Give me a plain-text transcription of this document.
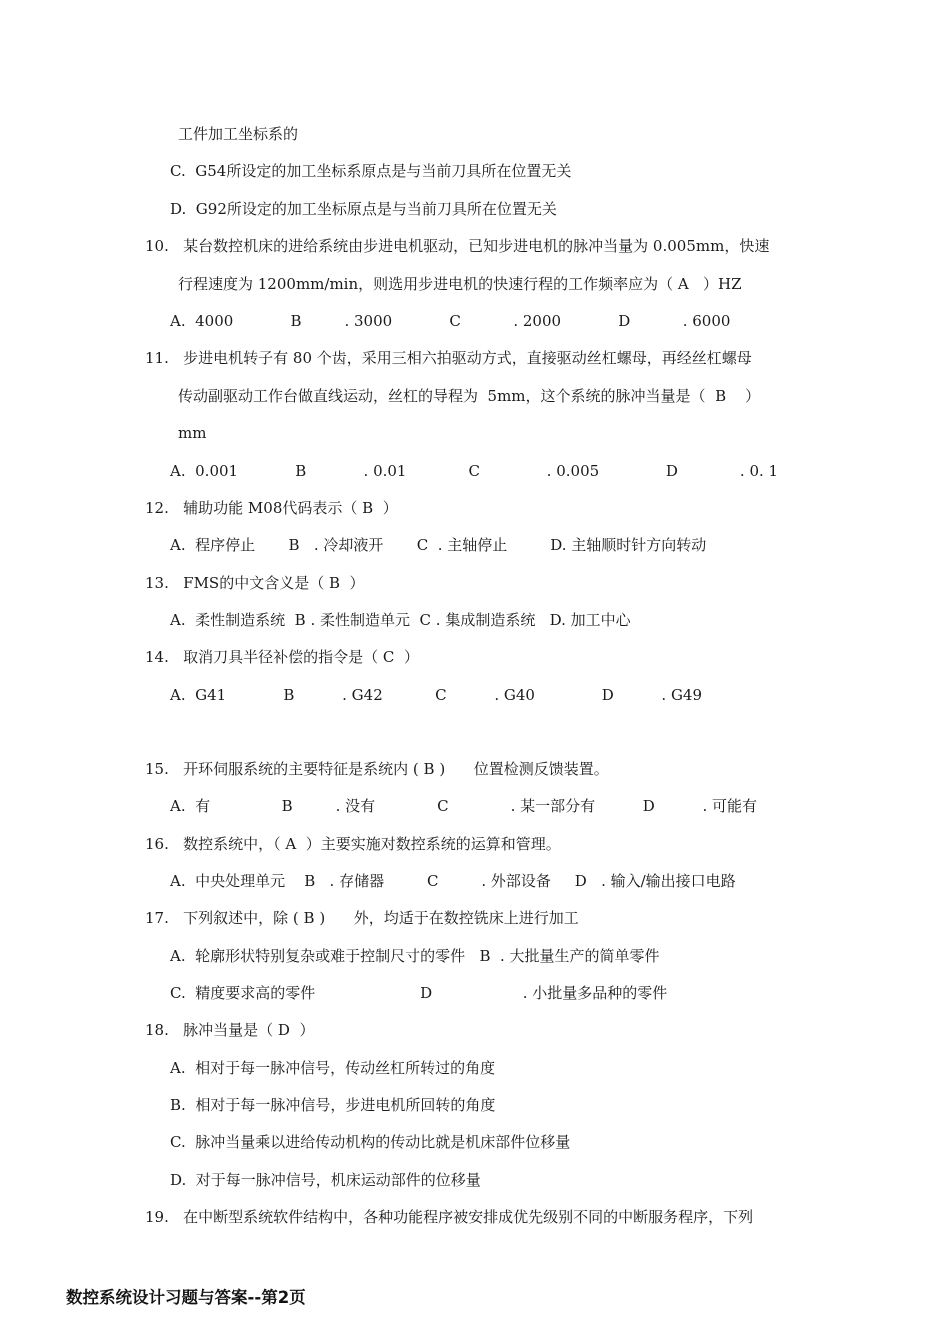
工件加工坐标系的
C.  G54所设定的加工坐标系原点是与当前刀具所在位置无关
D.  G92所设定的加工坐标原点是与当前刀具所在位置无关
10.   某台数控机床的进给系统由步进电机驱动，已知步进电机的脉冲当量为 0.005mm，快速
行程速度为 1200mm/min，则选用步进电机的快速行程的工作频率应为（ A   ）HZ
A.  4000            B         . 3000            C           . 2000            D           . 6000
11.   步进电机转子有 80 个齿，采用三相六拍驱动方式，直接驱动丝杠螺母，再经丝杠螺母
传动副驱动工作台做直线运动，丝杠的导程为  5mm，这个系统的脉冲当量是（  B    ）
mm
A.  0.001            B            . 0.01             C              . 0.005              D             . 0. 1
12.   辅助功能 M08代码表示（ B  ）
A.  程序停止       B   . 冷却液开       C  . 主轴停止         D. 主轴顺时针方向转动
13.   FMS的中文含义是（ B  ）
A.  柔性制造系统  B . 柔性制造单元  C . 集成制造系统   D. 加工中心
14.   取消刀具半径补偿的指令是（ C  ）
A.  G41            B          . G42           C          . G40              D          . G49
15.   开环伺服系统的主要特征是系统内 ( B )      位置检测反馈装置。
A.  有               B         . 没有             C             . 某一部分有          D          . 可能有
16.   数控系统中，（ A  ）主要实施对数控系统的运算和管理。
A.  中央处理单元    B   . 存储器         C         . 外部设备     D   . 输入/输出接口电路
17.   下列叙述中，除 ( B )      外，均适于在数控铣床上进行加工
A.  轮廓形状特别复杂或难于控制尺寸的零件   B  . 大批量生产的简单零件
C.  精度要求高的零件                      D                   . 小批量多品种的零件
18.   脉冲当量是（ D  ）
A.  相对于每一脉冲信号，传动丝杠所转过的角度
B.  相对于每一脉冲信号，步进电机所回转的角度
C.  脉冲当量乘以进给传动机构的传动比就是机床部件位移量
D.  对于每一脉冲信号，机床运动部件的位移量
19.   在中断型系统软件结构中，各种功能程序被安排成优先级别不同的中断服务程序，下列
数控系统设计习题与答案--第2页
